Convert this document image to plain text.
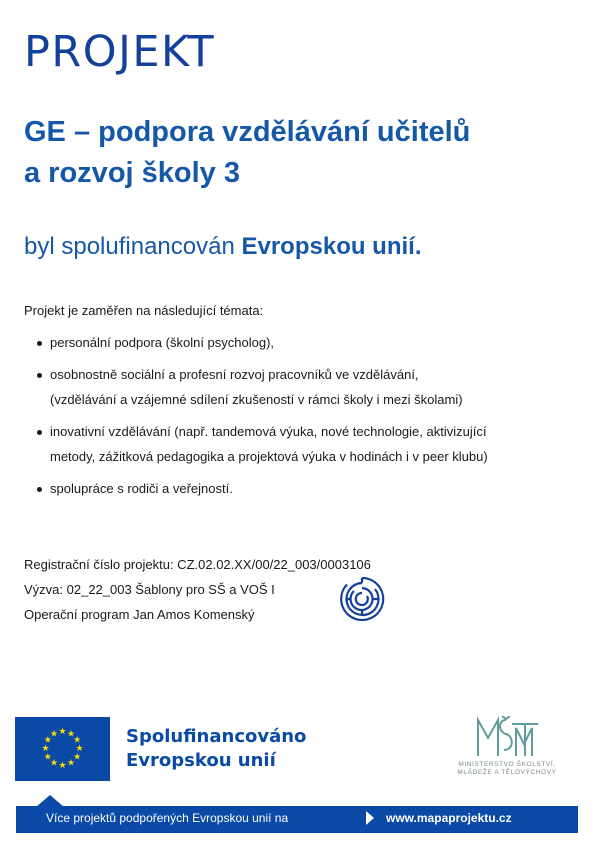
PROJEKT
GE – podpora vzdělávání učitelů
a rozvoj školy 3
byl spolufinancován Evropskou unií.
Projekt je zaměřen na následující témata:
personální podpora (školní psycholog),
osobnostně sociální a profesní rozvoj pracovníků ve vzdělávání,
(vzdělávání a vzájemné sdílení zkušeností v rámci školy i mezi školami)
inovativní vzdělávání (např. tandemová výuka, nové technologie, aktivizující
metody, zážitková pedagogika a projektová výuka v hodinách i v peer klubu)
spolupráce s rodiči a veřejností.
Registrační číslo projektu: CZ.02.02.XX/00/22_003/0003106
Výzva: 02_22_003 Šablony pro SŠ a VOŠ I
Operační program Jan Amos Komenský
★ ★
★
★
★
★
★
★
★
★
★
★	Spolufinancováno
Evropskou unií	MINISTERSTVO ŠKOLSTVÍ,
MLÁDEŽE A TĚLOVÝCHOVY
Více projektů podpořených Evropskou unií na	www.mapaprojektu.cz
